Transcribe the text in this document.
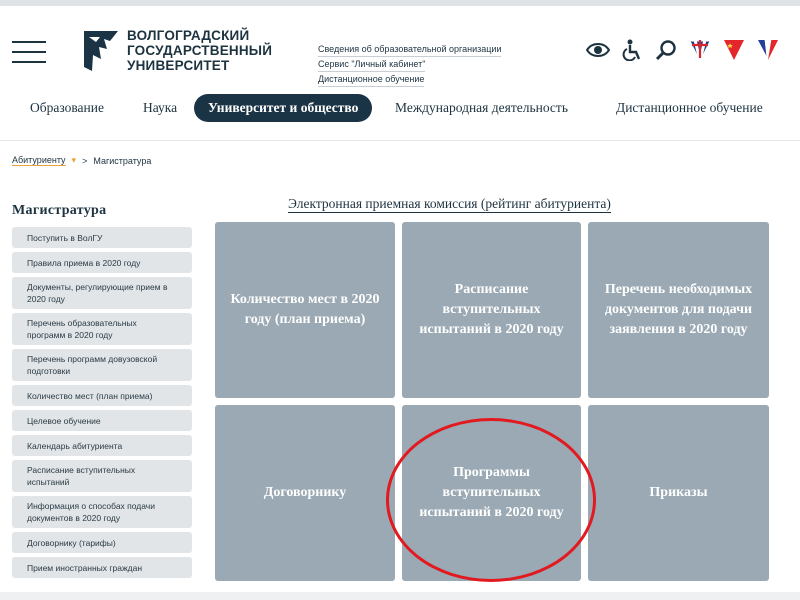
ВОЛГОГРАДСКИЙ
ГОСУДАРСТВЕННЫЙ
УНИВЕРСИТЕТ
Сведения об образовательной организации
Сервис "Личный кабинет"
Дистанционное обучение
Образование	Наука	Университет и общество	Международная деятельность	Дистанционное обучение
Абитуриенту ▾ > Магистратура
Магистратура
Поступить в ВолГУ
Правила приема в 2020 году
Документы, регулирующие прием в 2020 году
Перечень образовательных программ в 2020 году
Перечень программ довузовской подготовки
Количество мест (план приема)
Целевое обучение
Календарь абитуриента
Расписание вступительных испытаний
Информация о способах подачи документов в 2020 году
Договорнику (тарифы)
Прием иностранных граждан
Электронная приемная комиссия (рейтинг абитуриента)
Количество мест в 2020 году (план приема)
Расписание вступительных испытаний в 2020 году
Перечень необходимых документов для подачи заявления в 2020 году
Договорнику
Программы вступительных испытаний в 2020 году
Приказы
